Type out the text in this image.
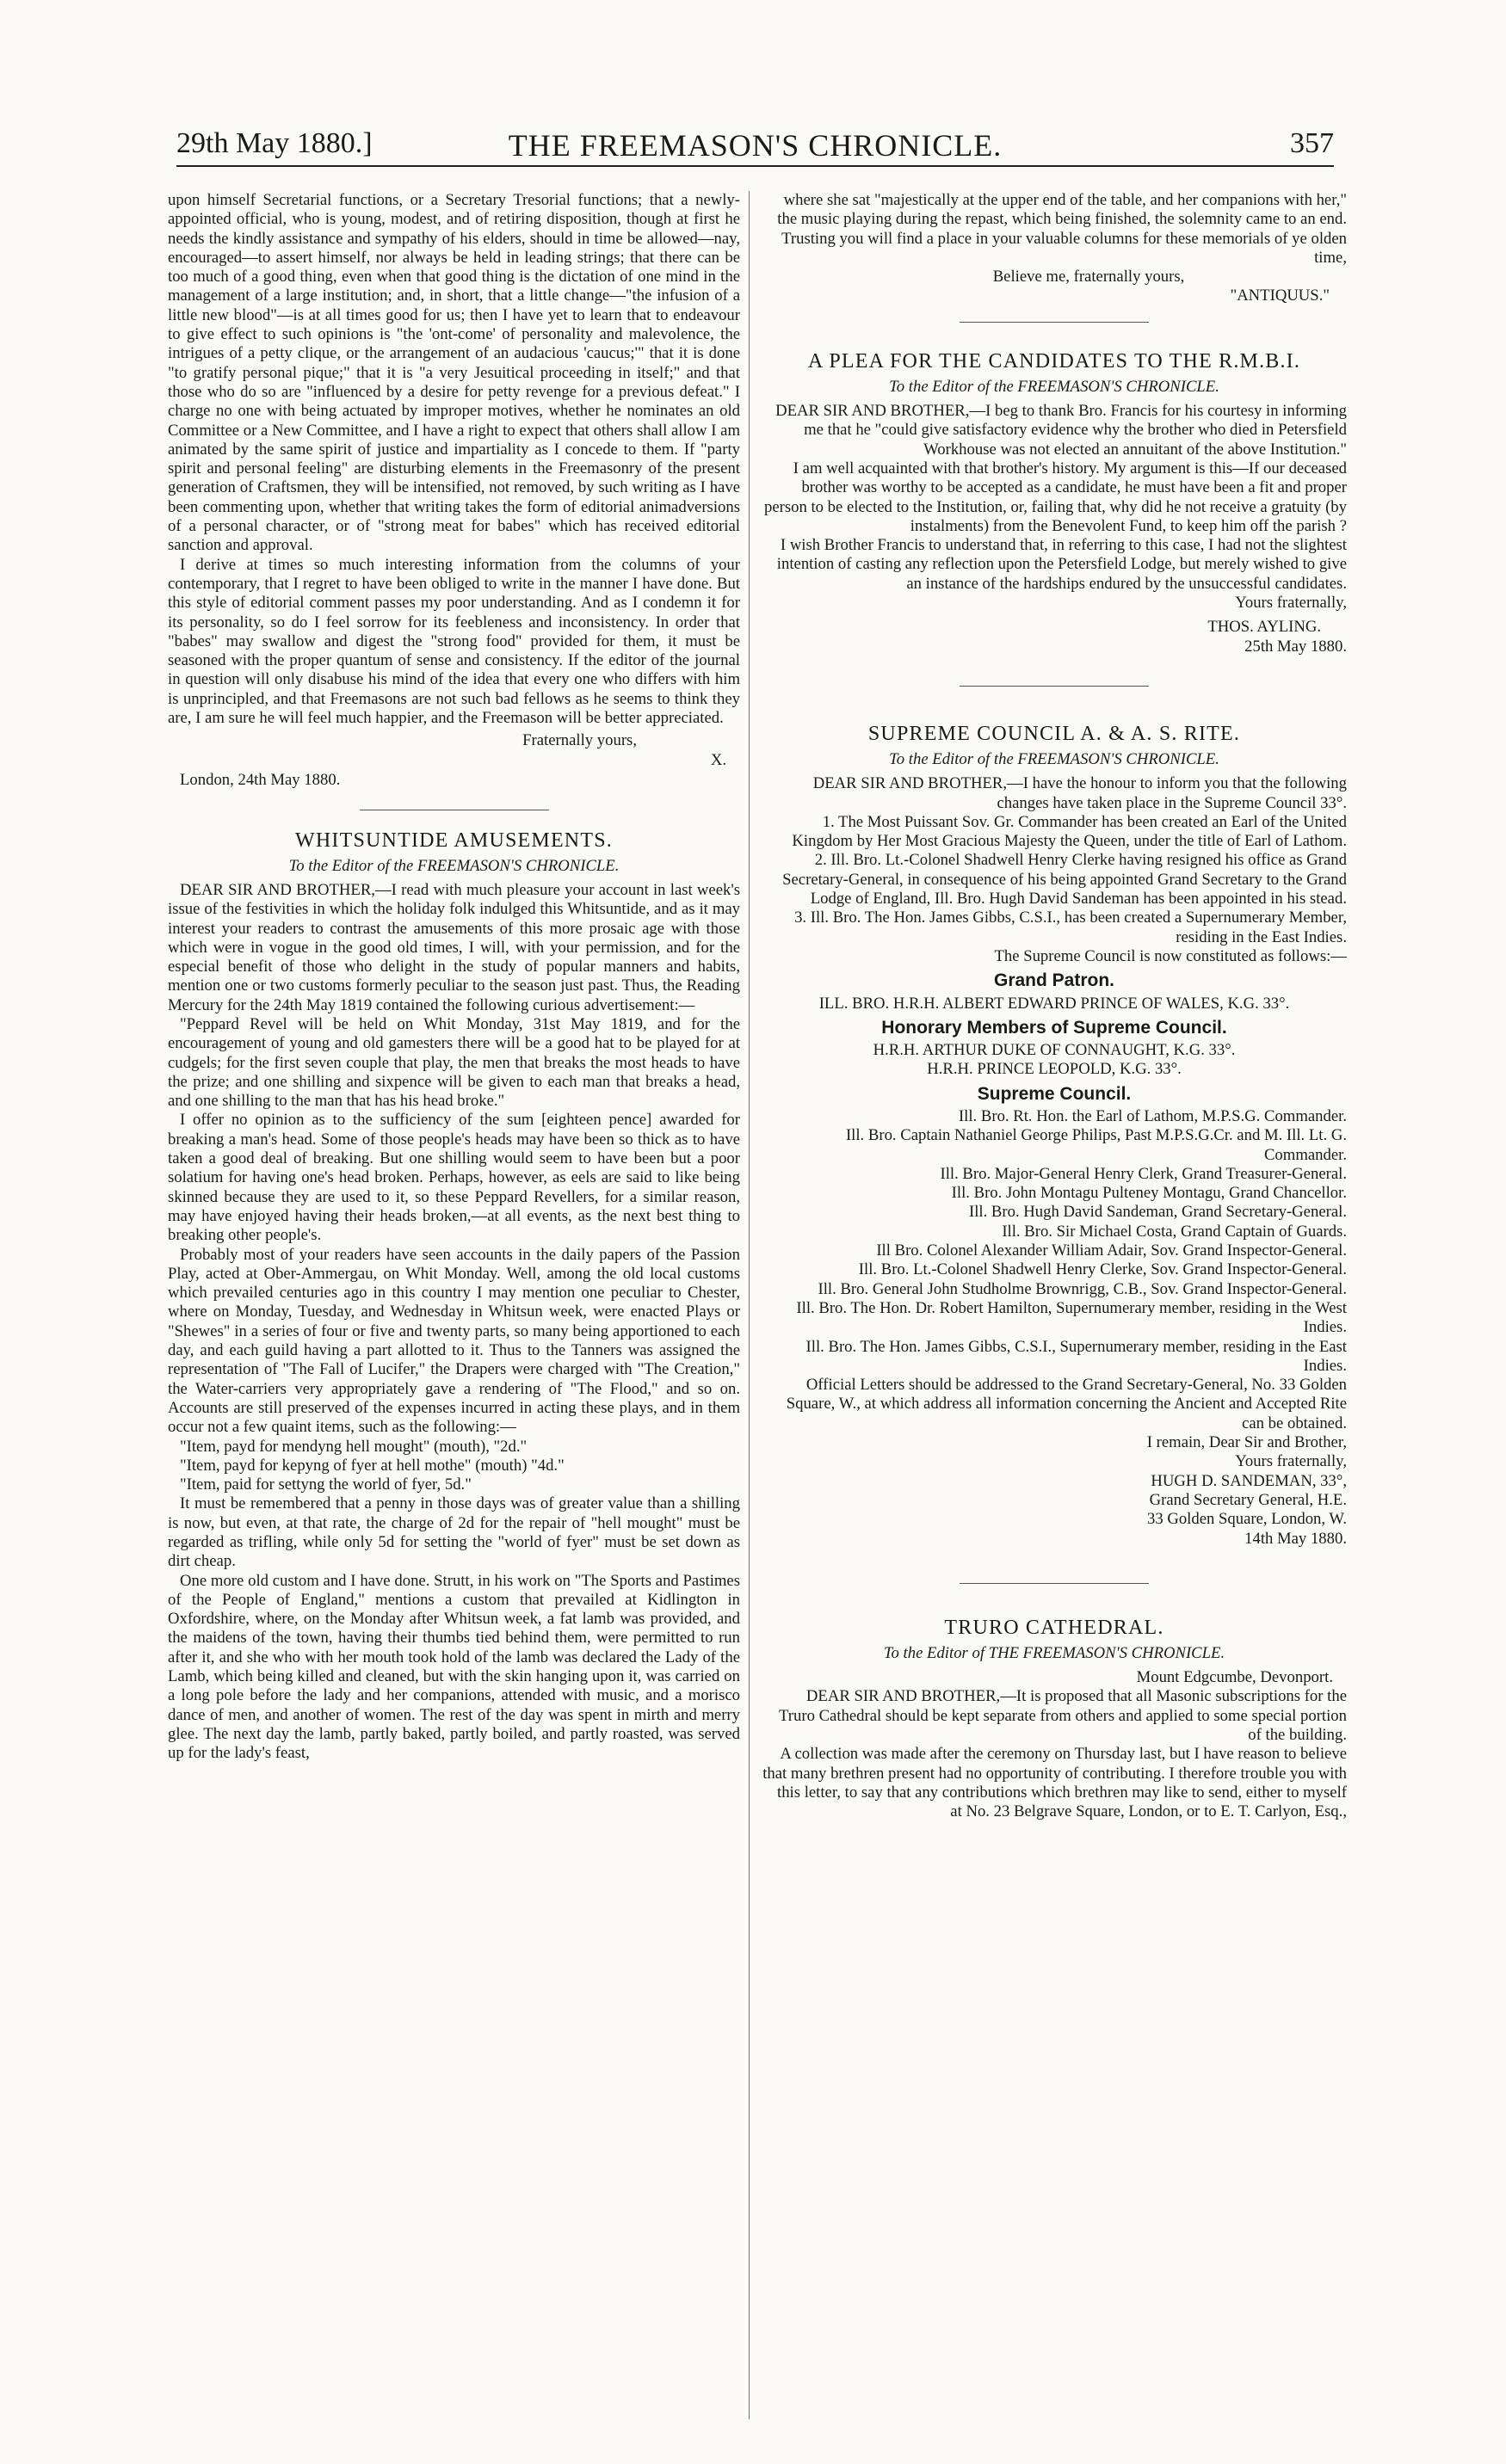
29th May 1880.]	THE FREEMASON'S CHRONICLE.	357

upon himself Secretarial functions, or a Secretary Tresorial functions; that a newly-appointed official, who is young, modest, and of retiring disposition, though at first he needs the kindly assistance and sympathy of his elders, should in time be allowed—nay, encouraged—to assert himself, nor always be held in leading strings; that there can be too much of a good thing, even when that good thing is the dictation of one mind in the management of a large institution; and, in short, that a little change—"the infusion of a little new blood"—is at all times good for us; then I have yet to learn that to endeavour to give effect to such opinions is "the 'ont-come' of personality and malevolence, the intrigues of a petty clique, or the arrangement of an audacious 'caucus;'" that it is done "to gratify personal pique;" that it is "a very Jesuitical proceeding in itself;" and that those who do so are "influenced by a desire for petty revenge for a previous defeat." I charge no one with being actuated by improper motives, whether he nominates an old Committee or a New Committee, and I have a right to expect that others shall allow I am animated by the same spirit of justice and impartiality as I concede to them. If "party spirit and personal feeling" are disturbing elements in the Freemasonry of the present generation of Craftsmen, they will be intensified, not removed, by such writing as I have been commenting upon, whether that writing takes the form of editorial animadversions of a personal character, or of "strong meat for babes" which has received editorial sanction and approval.

I derive at times so much interesting information from the columns of your contemporary, that I regret to have been obliged to write in the manner I have done. But this style of editorial comment passes my poor understanding. And as I condemn it for its personality, so do I feel sorrow for its feebleness and inconsistency. In order that "babes" may swallow and digest the "strong food" provided for them, it must be seasoned with the proper quantum of sense and consistency. If the editor of the journal in question will only disabuse his mind of the idea that every one who differs with him is unprincipled, and that Freemasons are not such bad fellows as he seems to think they are, I am sure he will feel much happier, and the Freemason will be better appreciated.

Fraternally yours,

London, 24th May 1880.
X.

WHITSUNTIDE AMUSEMENTS.

To the Editor of the FREEMASON'S CHRONICLE.

DEAR SIR AND BROTHER,—I read with much pleasure your account in last week's issue of the festivities in which the holiday folk indulged this Whitsuntide, and as it may interest your readers to contrast the amusements of this more prosaic age with those which were in vogue in the good old times, I will, with your permission, and for the especial benefit of those who delight in the study of popular manners and habits, mention one or two customs formerly peculiar to the season just past. Thus, the Reading Mercury for the 24th May 1819 contained the following curious advertisement:—

"Peppard Revel will be held on Whit Monday, 31st May 1819, and for the encouragement of young and old gamesters there will be a good hat to be played for at cudgels; for the first seven couple that play, the men that breaks the most heads to have the prize; and one shilling and sixpence will be given to each man that breaks a head, and one shilling to the man that has his head broke."

I offer no opinion as to the sufficiency of the sum [eighteen pence] awarded for breaking a man's head. Some of those people's heads may have been so thick as to have taken a good deal of breaking. But one shilling would seem to have been but a poor solatium for having one's head broken. Perhaps, however, as eels are said to like being skinned because they are used to it, so these Peppard Revellers, for a similar reason, may have enjoyed having their heads broken,—at all events, as the next best thing to breaking other people's.

Probably most of your readers have seen accounts in the daily papers of the Passion Play, acted at Ober-Ammergau, on Whit Monday. Well, among the old local customs which prevailed centuries ago in this country I may mention one peculiar to Chester, where on Monday, Tuesday, and Wednesday in Whitsun week, were enacted Plays or "Shewes" in a series of four or five and twenty parts, so many being apportioned to each day, and each guild having a part allotted to it. Thus to the Tanners was assigned the representation of "The Fall of Lucifer," the Drapers were charged with "The Creation," the Water-carriers very appropriately gave a rendering of "The Flood," and so on. Accounts are still preserved of the expenses incurred in acting these plays, and in them occur not a few quaint items, such as the following:—

"Item, payd for mendyng hell mought" (mouth), "2d."

"Item, payd for kepyng of fyer at hell mothe" (mouth) "4d."

"Item, paid for settyng the world of fyer, 5d."

It must be remembered that a penny in those days was of greater value than a shilling is now, but even, at that rate, the charge of 2d for the repair of "hell mought" must be regarded as trifling, while only 5d for setting the "world of fyer" must be set down as dirt cheap.

One more old custom and I have done. Strutt, in his work on "The Sports and Pastimes of the People of England," mentions a custom that prevailed at Kidlington in Oxfordshire, where, on the Monday after Whitsun week, a fat lamb was provided, and the maidens of the town, having their thumbs tied behind them, were permitted to run after it, and she who with her mouth took hold of the lamb was declared the Lady of the Lamb, which being killed and cleaned, but with the skin hanging upon it, was carried on a long pole before the lady and her companions, attended with music, and a morisco dance of men, and another of women. The rest of the day was spent in mirth and merry glee. The next day the lamb, partly baked, partly boiled, and partly roasted, was served up for the lady's feast,

where she sat "majestically at the upper end of the table, and her companions with her," the music playing during the repast, which being finished, the solemnity came to an end.

Trusting you will find a place in your valuable columns for these memorials of ye olden time,

Believe me, fraternally yours,

"ANTIQUUS."

A PLEA FOR THE CANDIDATES TO THE R.M.B.I.

To the Editor of the FREEMASON'S CHRONICLE.

DEAR SIR AND BROTHER,—I beg to thank Bro. Francis for his courtesy in informing me that he "could give satisfactory evidence why the brother who died in Petersfield Workhouse was not elected an annuitant of the above Institution."

I am well acquainted with that brother's history. My argument is this—If our deceased brother was worthy to be accepted as a candidate, he must have been a fit and proper person to be elected to the Institution, or, failing that, why did he not receive a gratuity (by instalments) from the Benevolent Fund, to keep him off the parish ?

I wish Brother Francis to understand that, in referring to this case, I had not the slightest intention of casting any reflection upon the Petersfield Lodge, but merely wished to give an instance of the hardships endured by the unsuccessful candidates.

Yours fraternally,

THOS. AYLING.

25th May 1880.

SUPREME COUNCIL A. & A. S. RITE.

To the Editor of the FREEMASON'S CHRONICLE.

DEAR SIR AND BROTHER,—I have the honour to inform you that the following changes have taken place in the Supreme Council 33°.

1. The Most Puissant Sov. Gr. Commander has been created an Earl of the United Kingdom by Her Most Gracious Majesty the Queen, under the title of Earl of Lathom.

2. Ill. Bro. Lt.-Colonel Shadwell Henry Clerke having resigned his office as Grand Secretary-General, in consequence of his being appointed Grand Secretary to the Grand Lodge of England, Ill. Bro. Hugh David Sandeman has been appointed in his stead.

3. Ill. Bro. The Hon. James Gibbs, C.S.I., has been created a Supernumerary Member, residing in the East Indies.

The Supreme Council is now constituted as follows:—

Grand Patron.

ILL. BRO. H.R.H. ALBERT EDWARD PRINCE OF WALES, K.G. 33°.

Honorary Members of Supreme Council.

H.R.H. ARTHUR DUKE OF CONNAUGHT, K.G. 33°.

H.R.H. PRINCE LEOPOLD, K.G. 33°.

Supreme Council.

Ill. Bro. Rt. Hon. the Earl of Lathom, M.P.S.G. Commander.

Ill. Bro. Captain Nathaniel George Philips, Past M.P.S.G.Cr. and M. Ill. Lt. G. Commander.

Ill. Bro. Major-General Henry Clerk, Grand Treasurer-General.

Ill. Bro. John Montagu Pulteney Montagu, Grand Chancellor.

Ill. Bro. Hugh David Sandeman, Grand Secretary-General.

Ill. Bro. Sir Michael Costa, Grand Captain of Guards.

Ill Bro. Colonel Alexander William Adair, Sov. Grand Inspector-General.

Ill. Bro. Lt.-Colonel Shadwell Henry Clerke, Sov. Grand Inspector-General.

Ill. Bro. General John Studholme Brownrigg, C.B., Sov. Grand Inspector-General.

Ill. Bro. The Hon. Dr. Robert Hamilton, Supernumerary member, residing in the West Indies.

Ill. Bro. The Hon. James Gibbs, C.S.I., Supernumerary member, residing in the East Indies.

Official Letters should be addressed to the Grand Secretary-General, No. 33 Golden Square, W., at which address all information concerning the Ancient and Accepted Rite can be obtained.

I remain, Dear Sir and Brother,

Yours fraternally,

HUGH D. SANDEMAN, 33°,

Grand Secretary General, H.E.

33 Golden Square, London, W.

14th May 1880.

TRURO CATHEDRAL.

To the Editor of THE FREEMASON'S CHRONICLE.

Mount Edgcumbe, Devonport.

DEAR SIR AND BROTHER,—It is proposed that all Masonic subscriptions for the Truro Cathedral should be kept separate from others and applied to some special portion of the building.

A collection was made after the ceremony on Thursday last, but I have reason to believe that many brethren present had no opportunity of contributing. I therefore trouble you with this letter, to say that any contributions which brethren may like to send, either to myself at No. 23 Belgrave Square, London, or to E. T. Carlyon, Esq.,
